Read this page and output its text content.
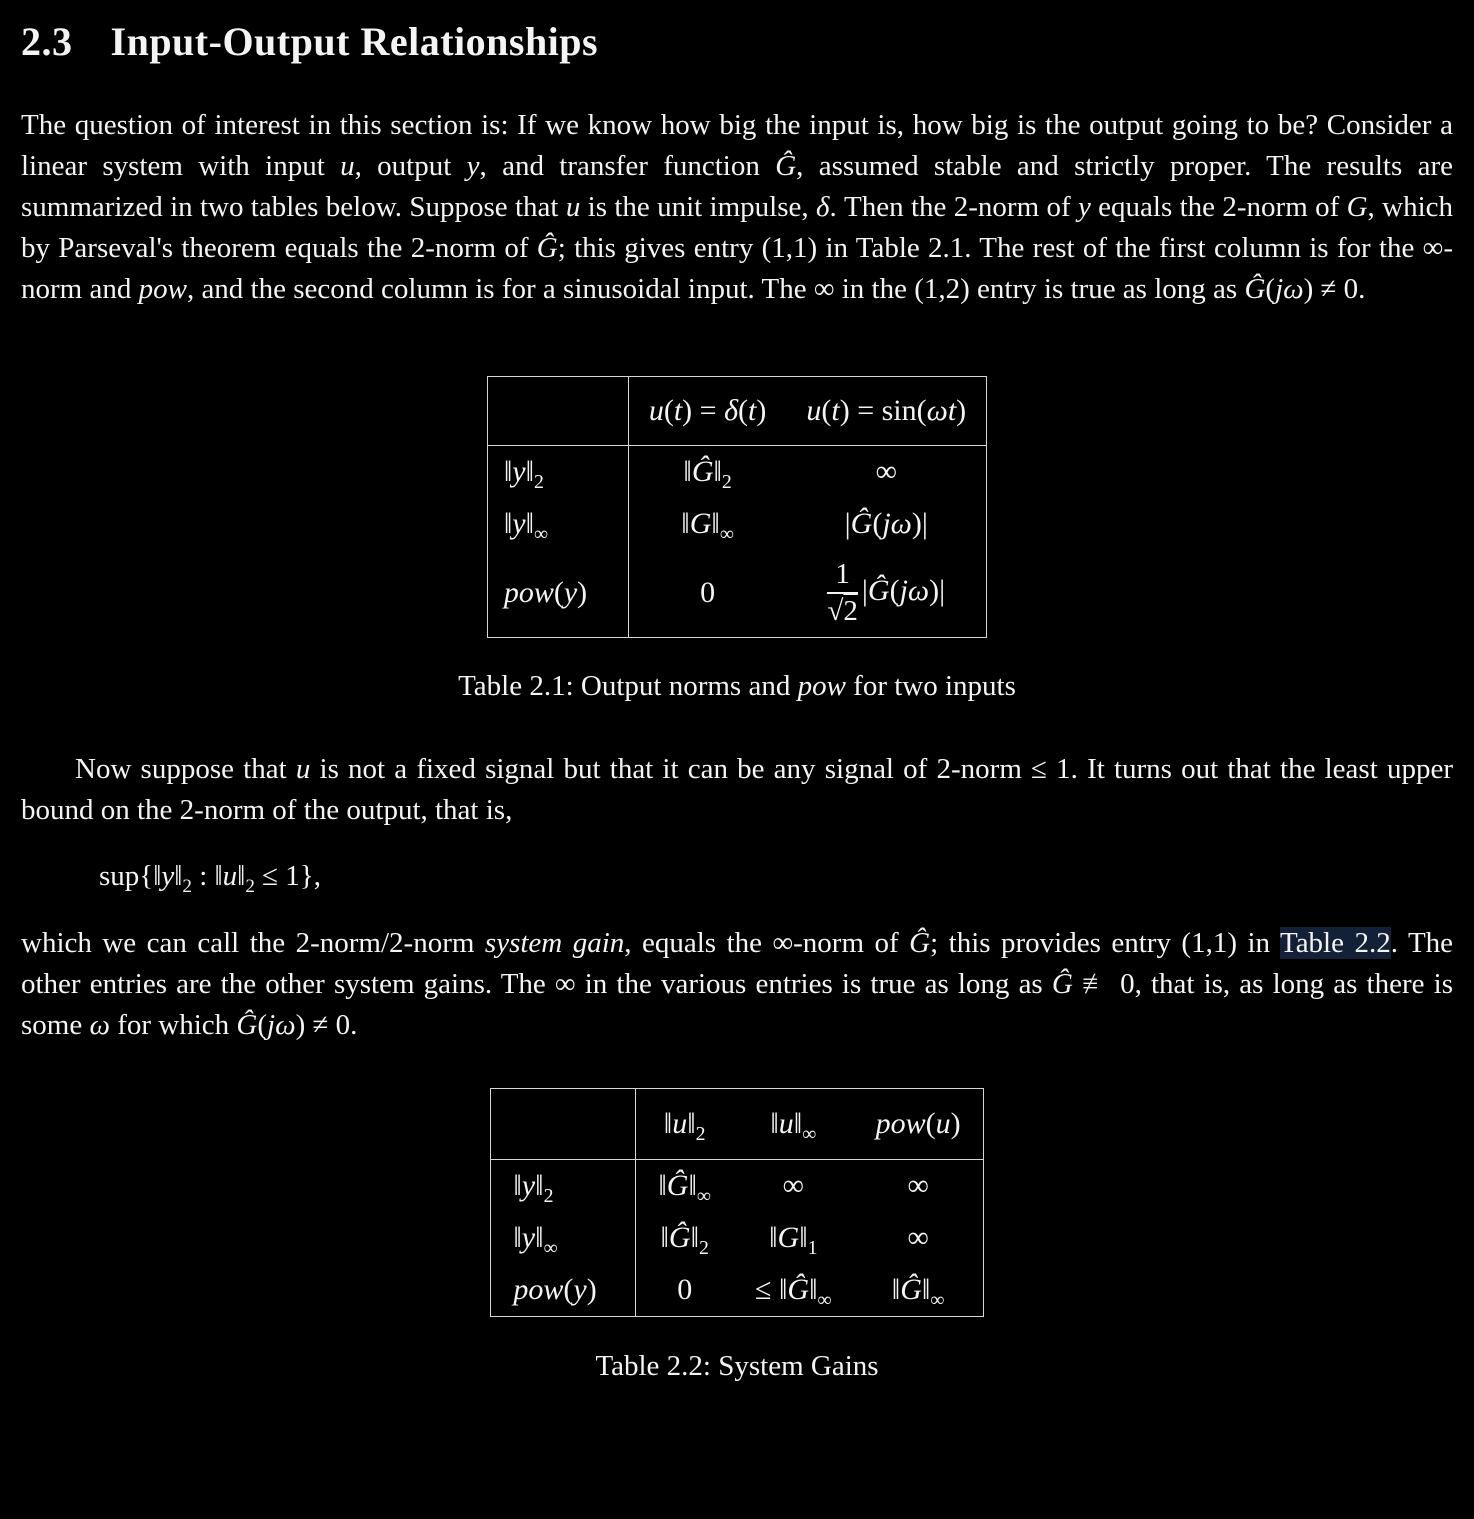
2.3 Input-Output Relationships

The question of interest in this section is: If we know how big the input is, how big is the output going to be? Consider a linear system with input u, output y, and transfer function Ĝ, assumed stable and strictly proper. The results are summarized in two tables below. Suppose that u is the unit impulse, δ. Then the 2-norm of y equals the 2-norm of G, which by Parseval's theorem equals the 2-norm of Ĝ; this gives entry (1,1) in Table 2.1. The rest of the first column is for the ∞-norm and pow, and the second column is for a sinusoidal input. The ∞ in the (1,2) entry is true as long as Ĝ(jω) ≠ 0.

	u(t) = δ(t)	u(t) = sin(ωt)
$‖y‖_2$	$‖Ĝ‖_2$	∞
$‖y‖_\infty$	$‖G‖_\infty$	|Ĝ(jω)|
pow(y)	0	$\frac{1}{√2}$ |Ĝ(jω)|
Table 2.1: Output norms and pow for two inputs

Now suppose that u is not a fixed signal but that it can be any signal of 2-norm ≤ 1. It turns out that the least upper bound on the 2-norm of the output, that is,

$sup\{‖y‖_2$ : $‖u‖_2 \le 1$},

which we can call the 2-norm/2-norm system gain, equals the ∞-norm of Ĝ; this provides entry (1,1) in Table 2.2. The other entries are the other system gains. The ∞ in the various entries is true as long as Ĝ ≢ 0, that is, as long as there is some ω for which Ĝ(jω) ≠ 0.

	$‖u‖_2$	$‖u‖_\infty$	pow(u)
$‖y‖_2$	$‖Ĝ‖_\infty$	∞	∞
$‖y‖_\infty$	$‖Ĝ‖_2$	$‖G‖_1$	∞
pow(y)	0	≤ $‖Ĝ‖_\infty$	$‖Ĝ‖_\infty$
Table 2.2: System Gains
